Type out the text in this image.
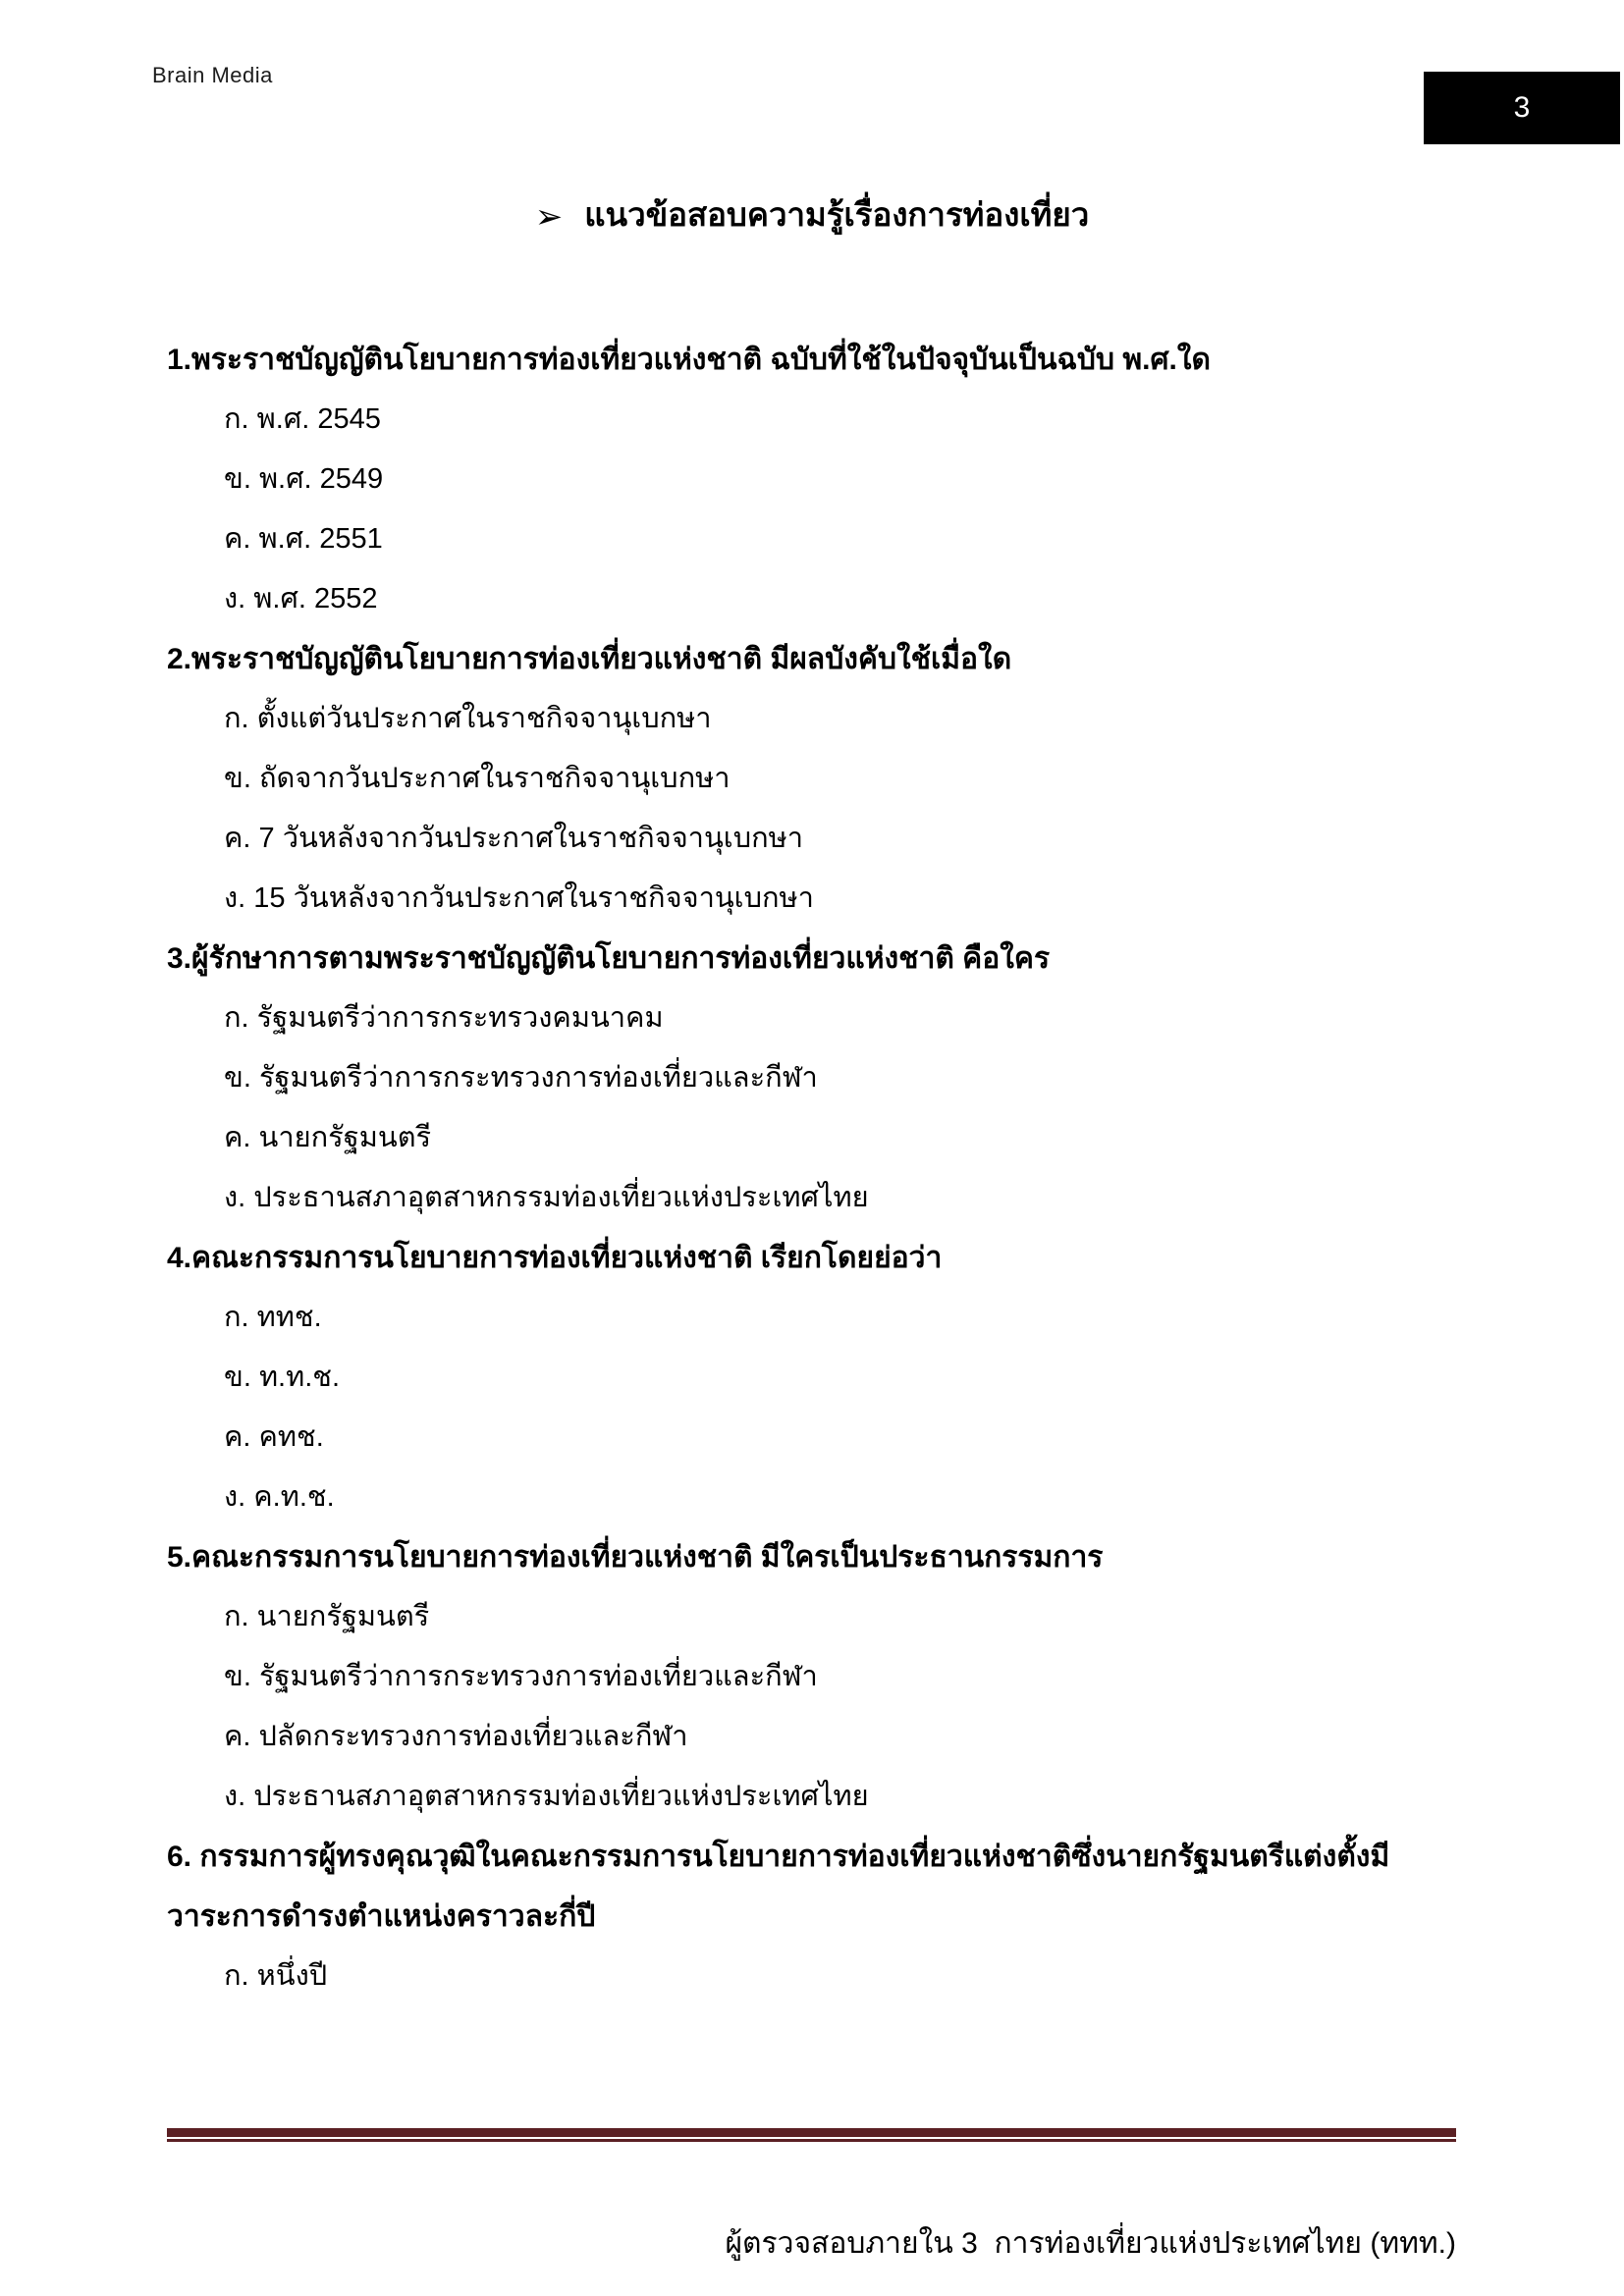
Brain Media
3
➢ แนวข้อสอบความรู้เรื่องการท่องเที่ยว
1.พระราชบัญญัตินโยบายการท่องเที่ยวแห่งชาติ ฉบับที่ใช้ในปัจจุบันเป็นฉบับ พ.ศ.ใด
ก. พ.ศ. 2545
ข. พ.ศ. 2549
ค. พ.ศ. 2551
ง. พ.ศ. 2552
2.พระราชบัญญัตินโยบายการท่องเที่ยวแห่งชาติ มีผลบังคับใช้เมื่อใด
ก. ตั้งแต่วันประกาศในราชกิจจานุเบกษา
ข. ถัดจากวันประกาศในราชกิจจานุเบกษา
ค. 7 วันหลังจากวันประกาศในราชกิจจานุเบกษา
ง. 15 วันหลังจากวันประกาศในราชกิจจานุเบกษา
3.ผู้รักษาการตามพระราชบัญญัตินโยบายการท่องเที่ยวแห่งชาติ คือใคร
ก. รัฐมนตรีว่าการกระทรวงคมนาคม
ข. รัฐมนตรีว่าการกระทรวงการท่องเที่ยวและกีฬา
ค. นายกรัฐมนตรี
ง. ประธานสภาอุตสาหกรรมท่องเที่ยวแห่งประเทศไทย
4.คณะกรรมการนโยบายการท่องเที่ยวแห่งชาติ เรียกโดยย่อว่า
ก. ททช.
ข. ท.ท.ช.
ค. คทช.
ง. ค.ท.ช.
5.คณะกรรมการนโยบายการท่องเที่ยวแห่งชาติ มีใครเป็นประธานกรรมการ
ก. นายกรัฐมนตรี
ข. รัฐมนตรีว่าการกระทรวงการท่องเที่ยวและกีฬา
ค. ปลัดกระทรวงการท่องเที่ยวและกีฬา
ง. ประธานสภาอุตสาหกรรมท่องเที่ยวแห่งประเทศไทย
6. กรรมการผู้ทรงคุณวุฒิในคณะกรรมการนโยบายการท่องเที่ยวแห่งชาติซึ่งนายกรัฐมนตรีแต่งตั้งมี
วาระการดำรงตำแหน่งคราวละกี่ปี
ก. หนึ่งปี
ผู้ตรวจสอบภายใน 3  การท่องเที่ยวแห่งประเทศไทย (ททท.)
